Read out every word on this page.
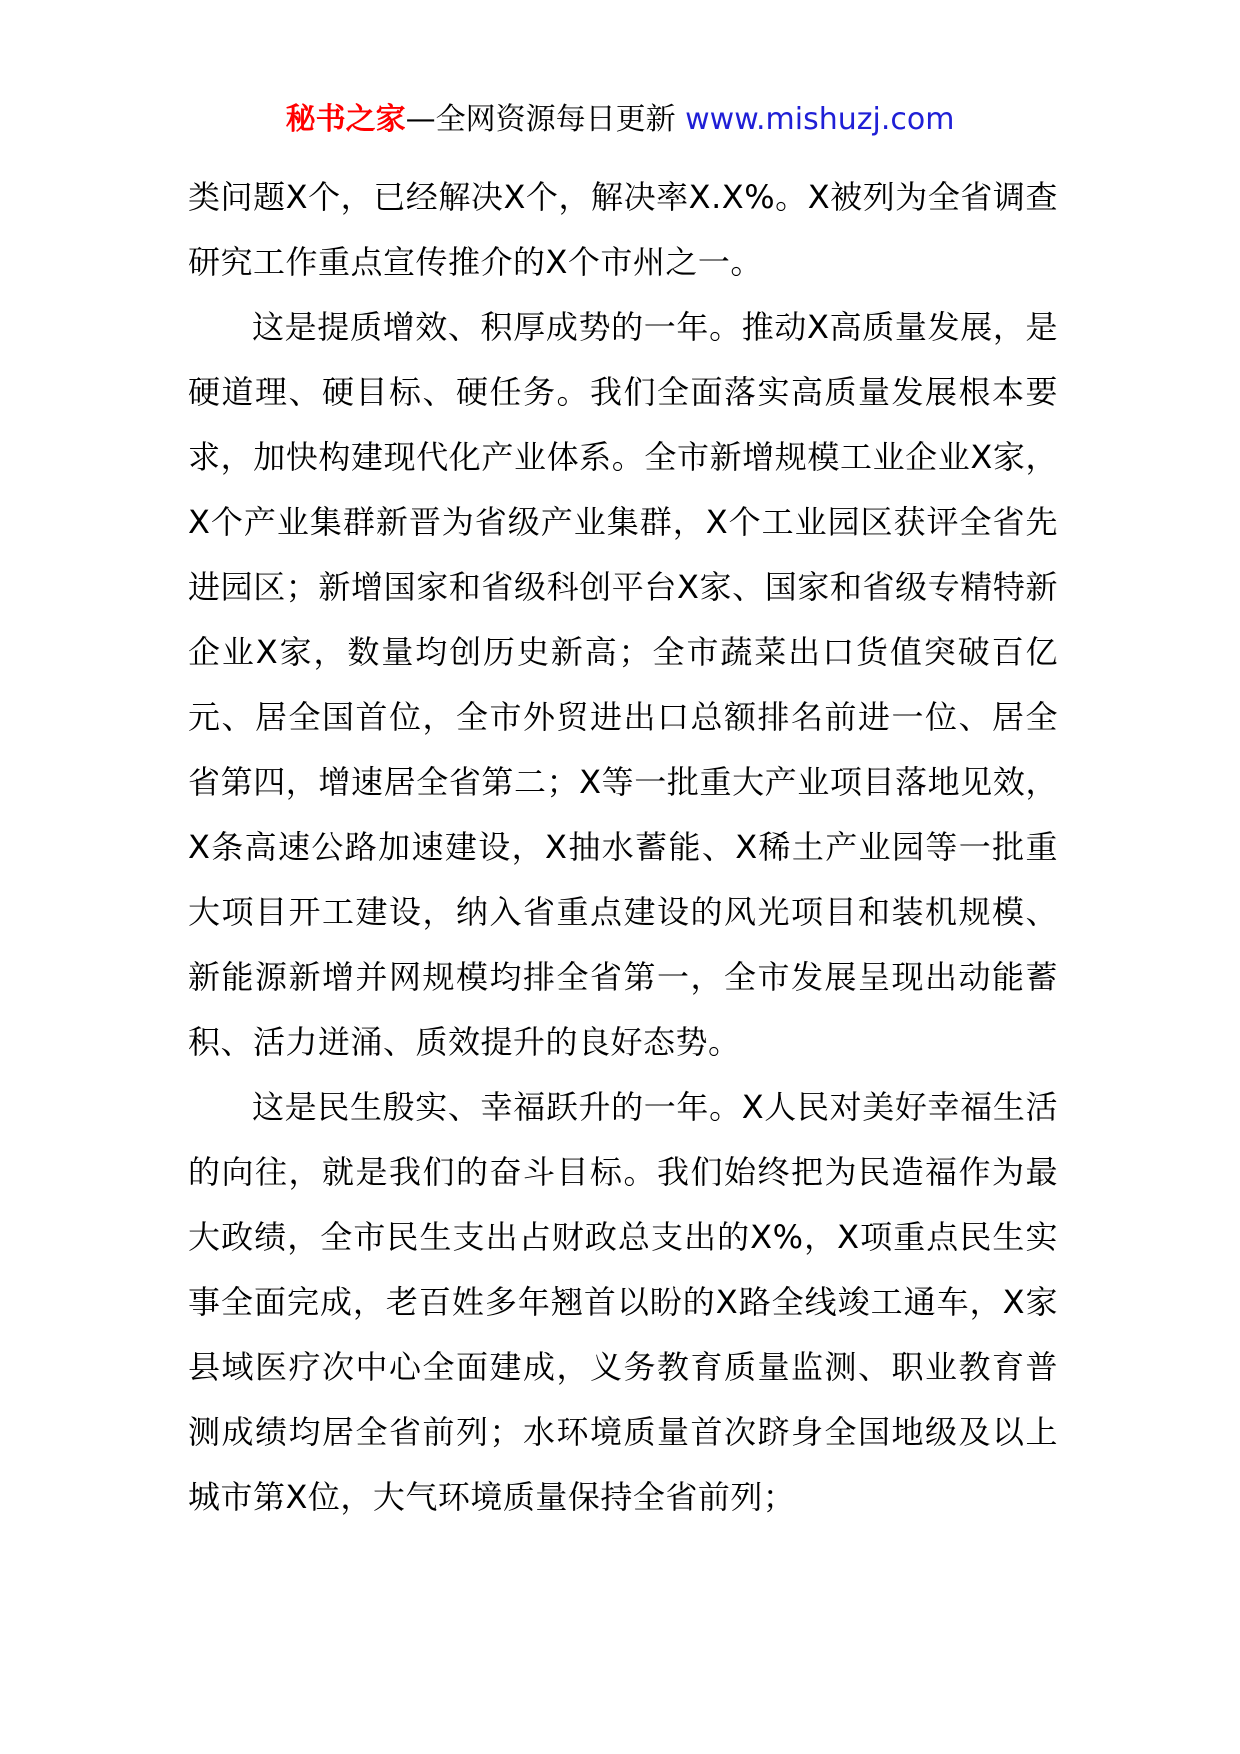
秘书之家—全网资源每日更新 www.mishuzj.com

类问题X个，已经解决X个，解决率X.X%。X被列为全省调查研究工作重点宣传推介的X个市州之一。

这是提质增效、积厚成势的一年。推动X高质量发展，是硬道理、硬目标、硬任务。我们全面落实高质量发展根本要求，加快构建现代化产业体系。全市新增规模工业企业X家，X个产业集群新晋为省级产业集群，X个工业园区获评全省先进园区；新增国家和省级科创平台X家、国家和省级专精特新企业X家，数量均创历史新高；全市蔬菜出口货值突破百亿元、居全国首位，全市外贸进出口总额排名前进一位、居全省第四，增速居全省第二；X等一批重大产业项目落地见效，X条高速公路加速建设，X抽水蓄能、X稀土产业园等一批重大项目开工建设，纳入省重点建设的风光项目和装机规模、新能源新增并网规模均排全省第一，全市发展呈现出动能蓄积、活力迸涌、质效提升的良好态势。

这是民生殷实、幸福跃升的一年。X人民对美好幸福生活的向往，就是我们的奋斗目标。我们始终把为民造福作为最大政绩，全市民生支出占财政总支出的X%，X项重点民生实事全面完成，老百姓多年翘首以盼的X路全线竣工通车，X家县域医疗次中心全面建成，义务教育质量监测、职业教育普测成绩均居全省前列；水环境质量首次跻身全国地级及以上城市第X位，大气环境质量保持全省前列；
